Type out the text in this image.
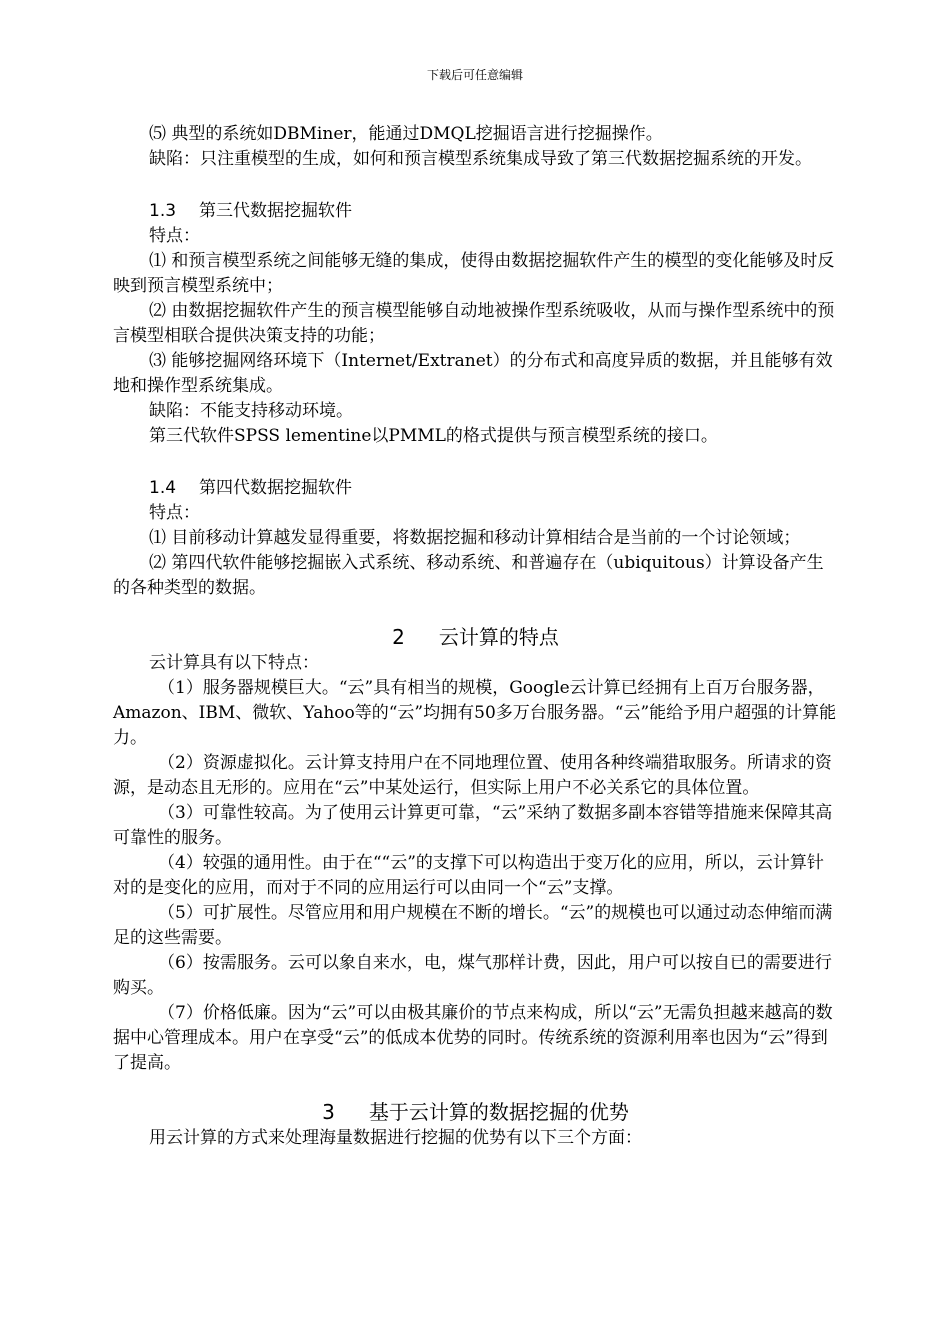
下载后可任意编辑

⑸ 典型的系统如DBMiner，能通过DMQL挖掘语言进行挖掘操作。

缺陷：只注重模型的生成，如何和预言模型系统集成导致了第三代数据挖掘系统的开发。

1.3 第三代数据挖掘软件

特点：

⑴ 和预言模型系统之间能够无缝的集成，使得由数据挖掘软件产生的模型的变化能够及时反映到预言模型系统中；

⑵ 由数据挖掘软件产生的预言模型能够自动地被操作型系统吸收，从而与操作型系统中的预言模型相联合提供决策支持的功能；

⑶ 能够挖掘网络环境下（Internet/Extranet）的分布式和高度异质的数据，并且能够有效地和操作型系统集成。

缺陷：不能支持移动环境。

第三代软件SPSS lementine以PMML的格式提供与预言模型系统的接口。

1.4 第四代数据挖掘软件

特点：

⑴ 目前移动计算越发显得重要，将数据挖掘和移动计算相结合是当前的一个讨论领域；

⑵ 第四代软件能够挖掘嵌入式系统、移动系统、和普遍存在（ubiquitous）计算设备产生的各种类型的数据。

2 云计算的特点

云计算具有以下特点：

（1）服务器规模巨大。“云”具有相当的规模，Google云计算已经拥有上百万台服务器，Amazon、IBM、微软、Yahoo等的“云”均拥有50多万台服务器。“云”能给予用户超强的计算能力。

（2）资源虚拟化。云计算支持用户在不同地理位置、使用各种终端猎取服务。所请求的资源，是动态且无形的。应用在“云”中某处运行，但实际上用户不必关系它的具体位置。

（3）可靠性较高。为了使用云计算更可靠，“云”采纳了数据多副本容错等措施来保障其高可靠性的服务。

（4）较强的通用性。由于在““云”的支撑下可以构造出于变万化的应用，所以，云计算针对的是变化的应用，而对于不同的应用运行可以由同一个“云”支撑。

（5）可扩展性。尽管应用和用户规模在不断的增长。“云”的规模也可以通过动态伸缩而满足的这些需要。

（6）按需服务。云可以象自来水，电，煤气那样计费，因此，用户可以按自已的需要进行购买。

（7）价格低廉。因为“云”可以由极其廉价的节点来构成，所以“云”无需负担越来越高的数据中心管理成本。用户在享受“云”的低成本优势的同时。传统系统的资源利用率也因为“云”得到了提高。

3 基于云计算的数据挖掘的优势

用云计算的方式来处理海量数据进行挖掘的优势有以下三个方面：
